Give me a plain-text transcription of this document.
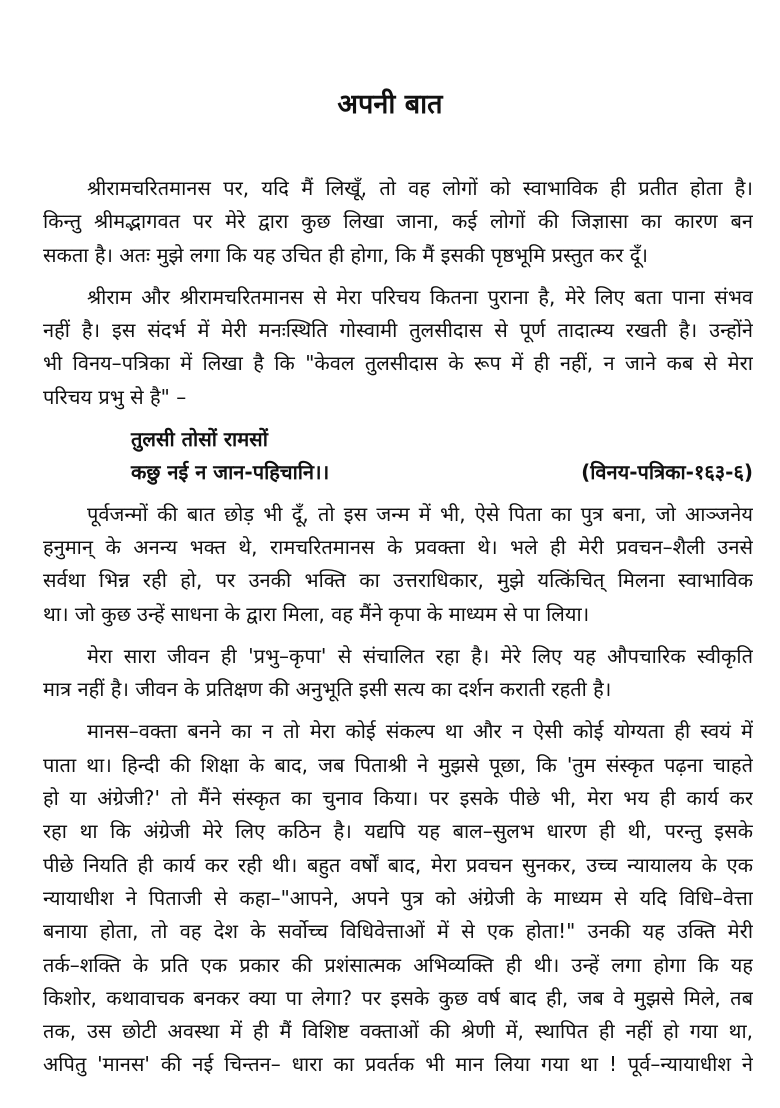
अपनी बात
श्रीरामचरितमानस पर, यदि मैं लिखूँ, तो वह लोगों को स्वाभाविक ही प्रतीत होता है।
किन्तु श्रीमद्भागवत पर मेरे द्वारा कुछ लिखा जाना, कई लोगों की जिज्ञासा का कारण बन
सकता है। अतः मुझे लगा कि यह उचित ही होगा, कि मैं इसकी पृष्ठभूमि प्रस्तुत कर दूँ।
श्रीराम और श्रीरामचरितमानस से मेरा परिचय कितना पुराना है, मेरे लिए बता पाना संभव
नहीं है। इस संदर्भ में मेरी मनःस्थिति गोस्वामी तुलसीदास से पूर्ण तादात्म्य रखती है। उन्होंने
भी विनय–पत्रिका में लिखा है कि "केवल तुलसीदास के रूप में ही नहीं, न जाने कब से मेरा
परिचय प्रभु से है" –
तुलसी तोसों रामसों
कछु नई न जान-पहिचानि।।	(विनय-पत्रिका-१६३-६)
पूर्वजन्मों की बात छोड़ भी दूँ, तो इस जन्म में भी, ऐसे पिता का पुत्र बना, जो आञ्जनेय
हनुमान् के अनन्य भक्त थे, रामचरितमानस के प्रवक्ता थे। भले ही मेरी प्रवचन–शैली उनसे
सर्वथा भिन्न रही हो, पर उनकी भक्ति का उत्तराधिकार, मुझे यत्किंचित् मिलना स्वाभाविक
था। जो कुछ उन्हें साधना के द्वारा मिला, वह मैंने कृपा के माध्यम से पा लिया।
मेरा सारा जीवन ही 'प्रभु–कृपा' से संचालित रहा है। मेरे लिए यह औपचारिक स्वीकृति
मात्र नहीं है। जीवन के प्रतिक्षण की अनुभूति इसी सत्य का दर्शन कराती रहती है।
मानस–वक्ता बनने का न तो मेरा कोई संकल्प था और न ऐसी कोई योग्यता ही स्वयं में
पाता था। हिन्दी की शिक्षा के बाद, जब पिताश्री ने मुझसे पूछा, कि 'तुम संस्कृत पढ़ना चाहते
हो या अंग्रेजी?' तो मैंने संस्कृत का चुनाव किया। पर इसके पीछे भी, मेरा भय ही कार्य कर
रहा था कि अंग्रेजी मेरे लिए कठिन है। यद्यपि यह बाल–सुलभ धारण ही थी, परन्तु इसके
पीछे नियति ही कार्य कर रही थी। बहुत वर्षों बाद, मेरा प्रवचन सुनकर, उच्च न्यायालय के एक
न्यायाधीश ने पिताजी से कहा–"आपने, अपने पुत्र को अंग्रेजी के माध्यम से यदि विधि–वेत्ता
बनाया होता, तो वह देश के सर्वोच्च विधिवेत्ताओं में से एक होता!" उनकी यह उक्ति मेरी
तर्क–शक्ति के प्रति एक प्रकार की प्रशंसात्मक अभिव्यक्ति ही थी। उन्हें लगा होगा कि यह
किशोर, कथावाचक बनकर क्या पा लेगा? पर इसके कुछ वर्ष बाद ही, जब वे मुझसे मिले, तब
तक, उस छोटी अवस्था में ही मैं विशिष्ट वक्ताओं की श्रेणी में, स्थापित ही नहीं हो गया था,
अपितु 'मानस' की नई चिन्तन– धारा का प्रवर्तक भी मान लिया गया था ! पूर्व–न्यायाधीश ने
